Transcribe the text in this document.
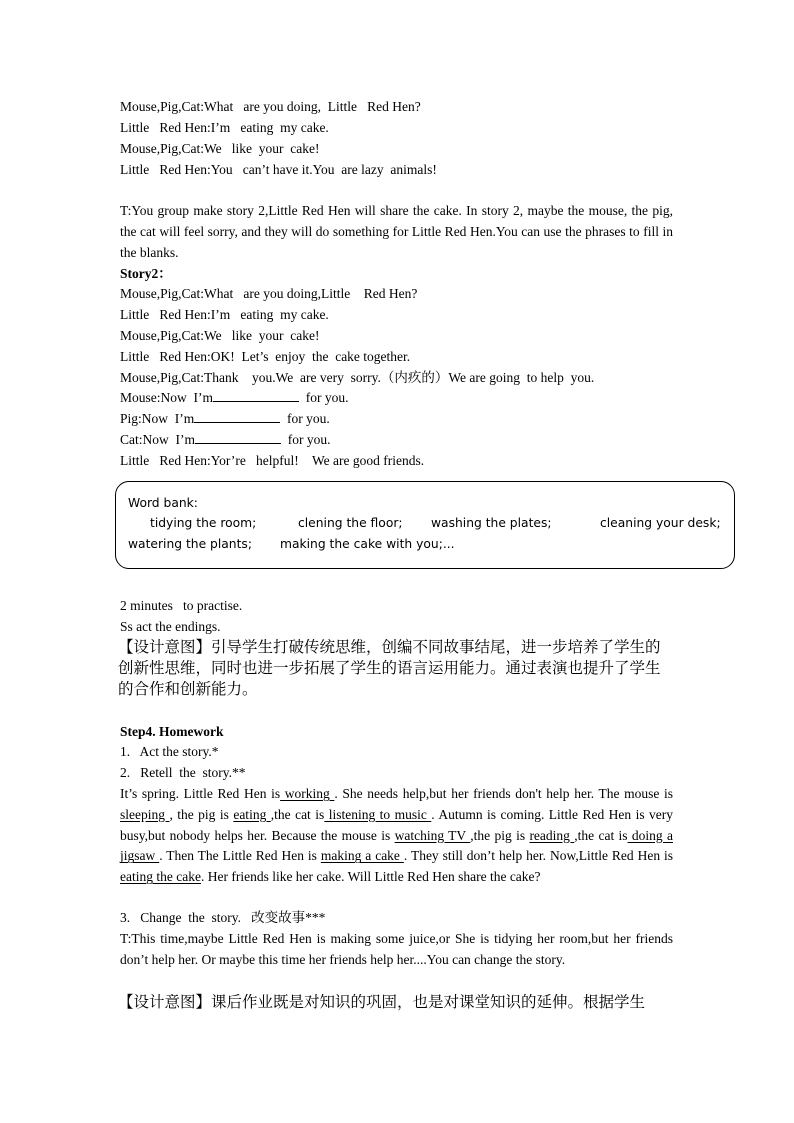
Mouse,Pig,Cat:What   are you doing,  Little   Red Hen?
Little   Red Hen:I’m   eating  my cake.
Mouse,Pig,Cat:We   like  your  cake!
Little   Red Hen:You   can’t have it.You  are lazy  animals!
T:You group make story 2,Little Red Hen will share the cake. In story 2, maybe the mouse, the pig, the cat will feel sorry, and they will do something for Little Red Hen.You can use the phrases to fill in the blanks.
Story2：
Mouse,Pig,Cat:What   are you doing,Little    Red Hen?
Little   Red Hen:I’m   eating  my cake.
Mouse,Pig,Cat:We   like  your  cake!
Little   Red Hen:OK!  Let’s  enjoy  the  cake together.
Mouse,Pig,Cat:Thank    you.We  are very  sorry.（内疚的）We are going  to help  you.
Mouse:Now  I’m	for you.
Pig:Now  I’m	for you.
Cat:Now  I’m	for you.
Little   Red Hen:Yor’re   helpful!    We are good friends.
Word bank:
tidying the room;	clening the floor; washing the plates;	cleaning your desk;
watering the plants; making the cake with you;...
2 minutes   to practise.
Ss act the endings.
【设计意图】引导学生打破传统思维，创编不同故事结尾，进一步培养了学生的创新性思维，同时也进一步拓展了学生的语言运用能力。通过表演也提升了学生的合作和创新能力。
Step4. Homework
1.   Act the story.*
2.   Retell  the  story.**
It’s spring. Little Red Hen is working . She needs help,but her friends don't help her. The mouse is sleeping , the pig is eating ,the cat is listening to music . Autumn is coming. Little Red Hen is very busy,but nobody helps her. Because the mouse is watching TV ,the pig is reading ,the cat is doing a jigsaw . Then The Little Red Hen is making a cake . They still don’t help her. Now,Little Red Hen is eating the cake. Her friends like her cake. Will Little Red Hen share the cake?
3.   Change  the  story.   改变故事***
T:This time,maybe Little Red Hen is making some juice,or She is tidying her room,but her friends don’t help her. Or maybe this time her friends help her....You can change the story.
【设计意图】课后作业既是对知识的巩固，也是对课堂知识的延伸。根据学生
